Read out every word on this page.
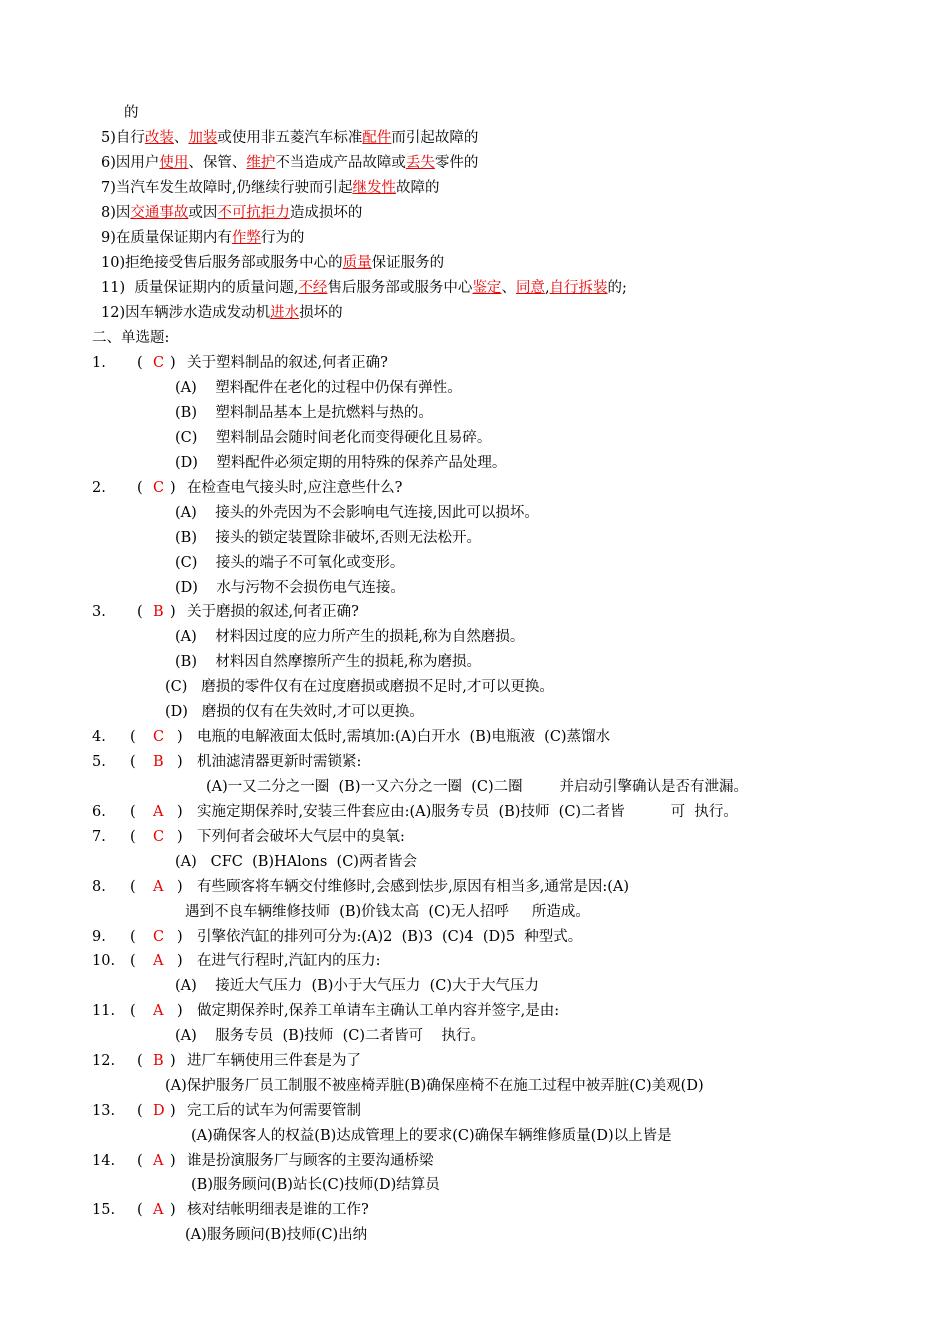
的
5)自行改装、加装或使用非五菱汽车标准配件而引起故障的
6)因用户使用、保管、维护不当造成产品故障或丢失零件的
7)当汽车发生故障时,仍继续行驶而引起继发性故障的
8)因交通事故或因不可抗拒力造成损坏的
9)在质量保证期内有作弊行为的
10)拒绝接受售后服务部或服务中心的质量保证服务的
11)  质量保证期内的质量问题,不经售后服务部或服务中心鉴定、同意,自行拆装的;
12)因车辆涉水造成发动机进水损坏的
二、单选题:
1. ( C ) 关于塑料制品的叙述,何者正确?
(A)    塑料配件在老化的过程中仍保有弹性。
(B)    塑料制品基本上是抗燃料与热的。
(C)    塑料制品会随时间老化而变得硬化且易碎。
(D)    塑料配件必须定期的用特殊的保养产品处理。
2. ( C ) 在检查电气接头时,应注意些什么?
(A)    接头的外壳因为不会影响电气连接,因此可以损坏。
(B)    接头的锁定装置除非破坏,否则无法松开。
(C)    接头的端子不可氧化或变形。
(D)    水与污物不会损伤电气连接。
3. ( B ) 关于磨损的叙述,何者正确?
(A)    材料因过度的应力所产生的损耗,称为自然磨损。
(B)    材料因自然摩擦所产生的损耗,称为磨损。
(C)   磨损的零件仅有在过度磨损或磨损不足时,才可以更换。
(D)   磨损的仅有在失效时,才可以更换。
4. ( C ) 电瓶的电解液面太低时,需填加:(A)白开水  (B)电瓶液  (C)蒸馏水
5. ( B ) 机油滤清器更新时需锁紧:
(A)一又二分之一圈  (B)一又六分之一圈  (C)二圈        并启动引擎确认是否有泄漏。
6. ( A ) 实施定期保养时,安装三件套应由:(A)服务专员  (B)技师  (C)二者皆          可  执行。
7. ( C ) 下列何者会破坏大气层中的臭氧:
(A)   CFC  (B)HAlons  (C)两者皆会
8. ( A ) 有些顾客将车辆交付维修时,会感到怯步,原因有相当多,通常是因:(A)
遇到不良车辆维修技师  (B)价钱太高  (C)无人招呼     所造成。
9. ( C ) 引擎依汽缸的排列可分为:(A)2  (B)3  (C)4  (D)5  种型式。
10. ( A ) 在进气行程时,汽缸内的压力:
(A)    接近大气压力  (B)小于大气压力  (C)大于大气压力
11. ( A ) 做定期保养时,保养工单请车主确认工单内容并签字,是由:
(A)    服务专员  (B)技师  (C)二者皆可    执行。
12. ( B ) 进厂车辆使用三件套是为了
(A)保护服务厂员工制服不被座椅弄脏(B)确保座椅不在施工过程中被弄脏(C)美观(D)
13. ( D ) 完工后的试车为何需要管制
(A)确保客人的权益(B)达成管理上的要求(C)确保车辆维修质量(D)以上皆是
14. ( A ) 谁是扮演服务厂与顾客的主要沟通桥梁
(B)服务顾问(B)站长(C)技师(D)结算员
15. ( A ) 核对结帐明细表是谁的工作?
(A)服务顾问(B)技师(C)出纳
